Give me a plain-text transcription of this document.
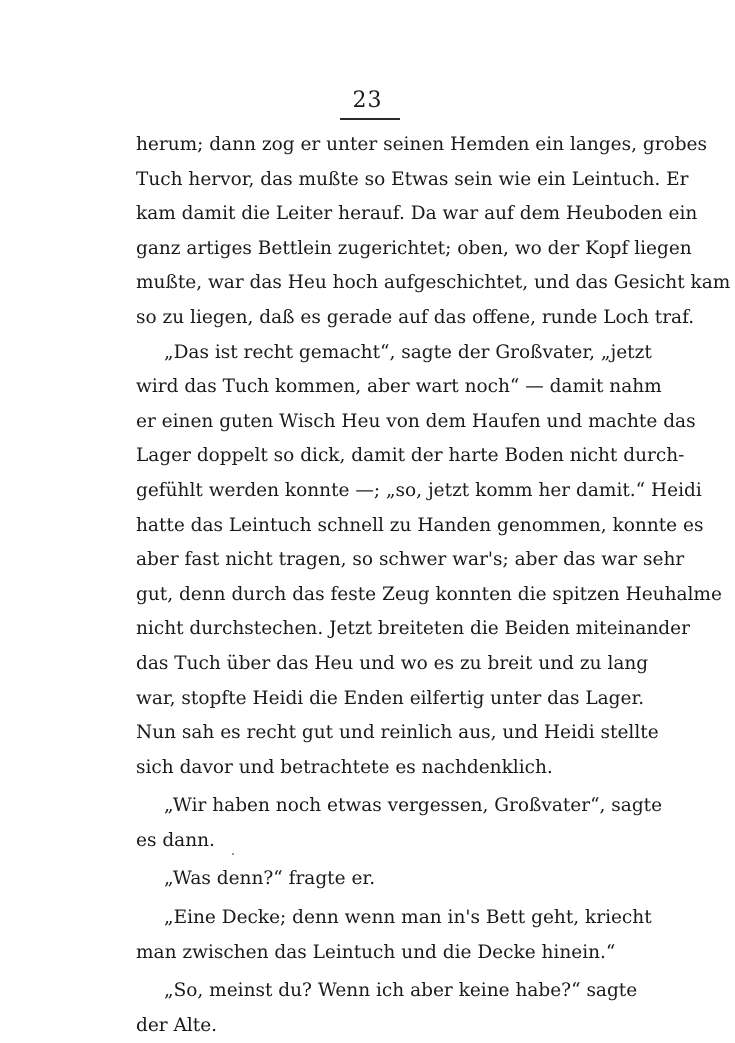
23
herum; dann zog er unter seinen Hemden ein langes, grobes
Tuch hervor, das mußte so Etwas sein wie ein Leintuch. Er
kam damit die Leiter herauf. Da war auf dem Heuboden ein
ganz artiges Bettlein zugerichtet; oben, wo der Kopf liegen
mußte, war das Heu hoch aufgeschichtet, und das Gesicht kam
so zu liegen, daß es gerade auf das offene, runde Loch traf.
„Das ist recht gemacht“, sagte der Großvater, „jetzt
wird das Tuch kommen, aber wart noch“ — damit nahm
er einen guten Wisch Heu von dem Haufen und machte das
Lager doppelt so dick, damit der harte Boden nicht durch-
gefühlt werden konnte —; „so, jetzt komm her damit.“ Heidi
hatte das Leintuch schnell zu Handen genommen, konnte es
aber fast nicht tragen, so schwer war's; aber das war sehr
gut, denn durch das feste Zeug konnten die spitzen Heuhalme
nicht durchstechen. Jetzt breiteten die Beiden miteinander
das Tuch über das Heu und wo es zu breit und zu lang
war, stopfte Heidi die Enden eilfertig unter das Lager.
Nun sah es recht gut und reinlich aus, und Heidi stellte
sich davor und betrachtete es nachdenklich.
„Wir haben noch etwas vergessen, Großvater“, sagte
es dann.
„Was denn?“ fragte er.
„Eine Decke; denn wenn man in's Bett geht, kriecht
man zwischen das Leintuch und die Decke hinein.“
„So, meinst du? Wenn ich aber keine habe?“ sagte
der Alte.
